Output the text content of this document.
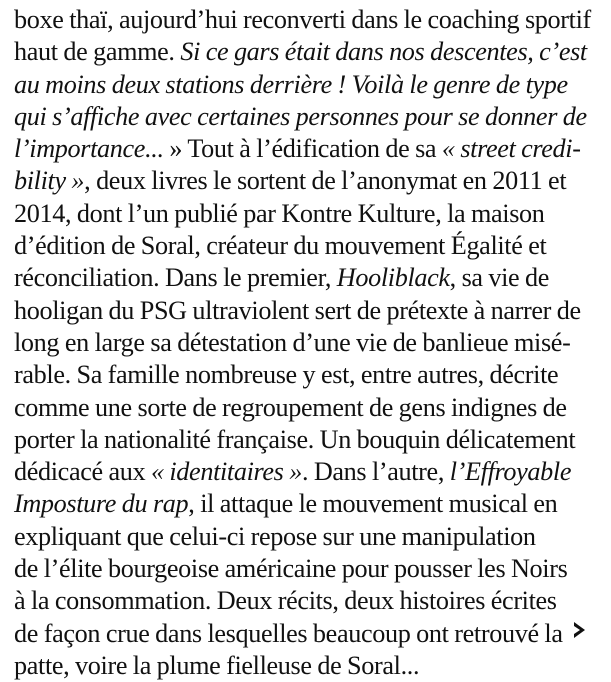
boxe thaï, aujourd’hui reconverti dans le coaching sportif
haut de gamme. Si ce gars était dans nos descentes, c’est
au moins deux stations derrière ! Voilà le genre de type
qui s’affiche avec certaines personnes pour se donner de
l’importance... » Tout à l’édification de sa « street credi-
bility », deux livres le sortent de l’anonymat en 2011 et
2014, dont l’un publié par Kontre Kulture, la maison
d’édition de Soral, créateur du mouvement Égalité et
réconciliation. Dans le premier, Hooliblack, sa vie de
hooligan du PSG ultraviolent sert de prétexte à narrer de
long en large sa détestation d’une vie de banlieue misé-
rable. Sa famille nombreuse y est, entre autres, décrite
comme une sorte de regroupement de gens indignes de
porter la nationalité française. Un bouquin délicatement
dédicacé aux « identitaires ». Dans l’autre, l’Effroyable
Imposture du rap, il attaque le mouvement musical en
expliquant que celui-ci repose sur une manipulation
de l’élite bourgeoise américaine pour pousser les Noirs
à la consommation. Deux récits, deux histoires écrites
de façon crue dans lesquelles beaucoup ont retrouvé la
patte, voire la plume fielleuse de Soral...
